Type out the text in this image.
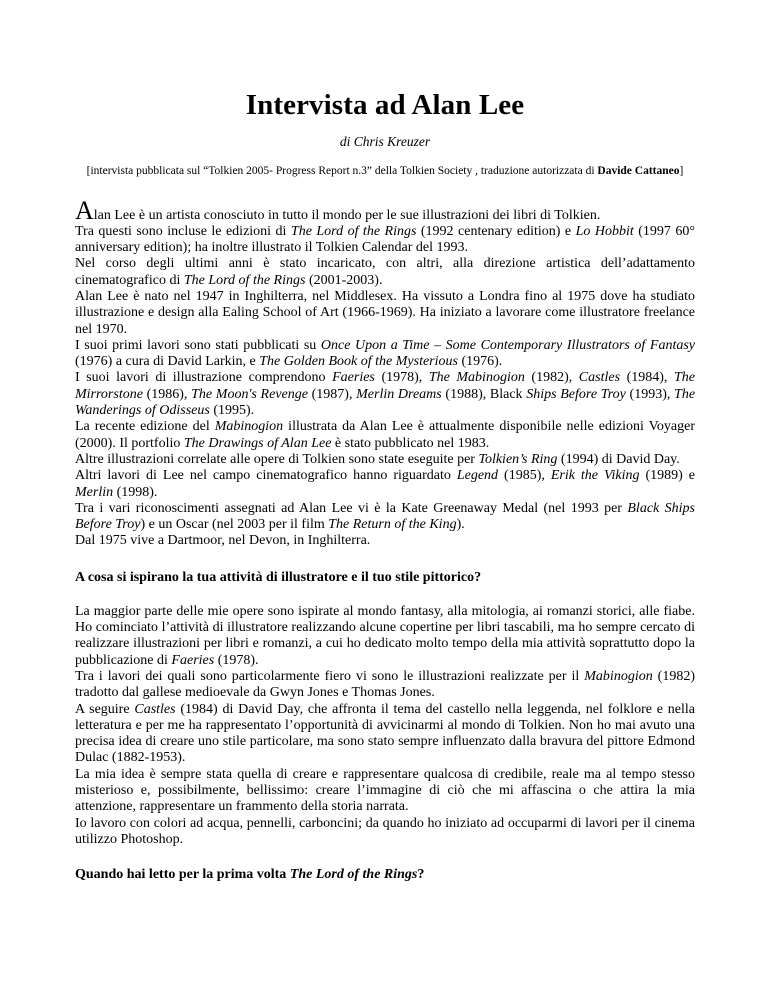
Intervista ad Alan Lee
di Chris Kreuzer
[intervista pubblicata sul “Tolkien 2005- Progress Report n.3” della Tolkien Society , traduzione autorizzata di Davide Cattaneo]

Alan Lee è un artista conosciuto in tutto il mondo per le sue illustrazioni dei libri di Tolkien.

Tra questi sono incluse le edizioni di The Lord of the Rings (1992 centenary edition) e Lo Hobbit (1997 60° anniversary edition); ha inoltre illustrato il Tolkien Calendar del 1993.

Nel corso degli ultimi anni è stato incaricato, con altri, alla direzione artistica dell’adattamento cinematografico di The Lord of the Rings (2001-2003).

Alan Lee è nato nel 1947 in Inghilterra, nel Middlesex. Ha vissuto a Londra fino al 1975 dove ha studiato illustrazione e design alla Ealing School of Art (1966-1969). Ha iniziato a lavorare come illustratore freelance nel 1970.

I suoi primi lavori sono stati pubblicati su Once Upon a Time – Some Contemporary Illustrators of Fantasy (1976) a cura di David Larkin, e The Golden Book of the Mysterious (1976).

I suoi lavori di illustrazione comprendono Faeries (1978), The Mabinogion (1982), Castles (1984), The Mirrorstone (1986), The Moon's Revenge (1987), Merlin Dreams (1988), Black Ships Before Troy (1993), The Wanderings of Odisseus (1995).

La recente edizione del Mabinogion illustrata da Alan Lee è attualmente disponibile nelle edizioni Voyager (2000). Il portfolio The Drawings of Alan Lee è stato pubblicato nel 1983.

Altre illustrazioni correlate alle opere di Tolkien sono state eseguite per Tolkien’s Ring (1994) di David Day.

Altri lavori di Lee nel campo cinematografico hanno riguardato Legend (1985), Erik the Viking (1989) e Merlin (1998).

Tra i vari riconoscimenti assegnati ad Alan Lee vi è la Kate Greenaway Medal (nel 1993 per Black Ships Before Troy) e un Oscar (nel 2003 per il film The Return of the King).

Dal 1975 vive a Dartmoor, nel Devon, in Inghilterra.

A cosa si ispirano la tua attività di illustratore e il tuo stile pittorico?

La maggior parte delle mie opere sono ispirate al mondo fantasy, alla mitologia, ai romanzi storici, alle fiabe. Ho cominciato l’attività di illustratore realizzando alcune copertine per libri tascabili, ma ho sempre cercato di realizzare illustrazioni per libri e romanzi, a cui ho dedicato molto tempo della mia attività soprattutto dopo la pubblicazione di Faeries (1978).

Tra i lavori dei quali sono particolarmente fiero vi sono le illustrazioni realizzate per il Mabinogion (1982) tradotto dal gallese medioevale da Gwyn Jones e Thomas Jones.

A seguire Castles (1984) di David Day, che affronta il tema del castello nella leggenda, nel folklore e nella letteratura e per me ha rappresentato l’opportunità di avvicinarmi al mondo di Tolkien. Non ho mai avuto una precisa idea di creare uno stile particolare, ma sono stato sempre influenzato dalla bravura del pittore Edmond Dulac (1882-1953).

La mia idea è sempre stata quella di creare e rappresentare qualcosa di credibile, reale ma al tempo stesso misterioso e, possibilmente, bellissimo: creare l’immagine di ciò che mi affascina o che attira la mia attenzione, rappresentare un frammento della storia narrata.

Io lavoro con colori ad acqua, pennelli, carboncini; da quando ho iniziato ad occuparmi di lavori per il cinema utilizzo Photoshop.

Quando hai letto per la prima volta The Lord of the Rings?
